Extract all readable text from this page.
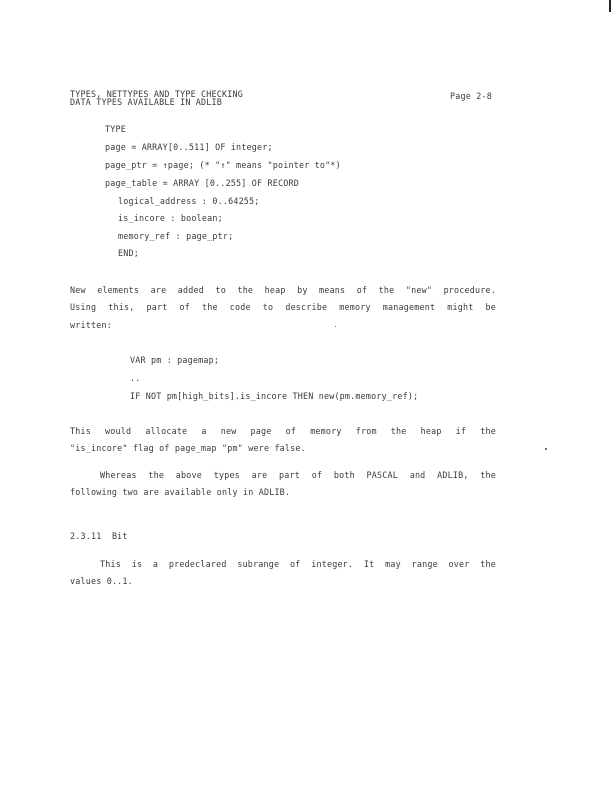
TYPES, NETTYPES AND TYPE CHECKING
DATA TYPES AVAILABLE IN ADLIB
Page 2-8
TYPE
page = ARRAY[0..511] OF integer;
page_ptr = ↑page; (* "↑" means "pointer to"*)
page_table = ARRAY [0..255] OF RECORD
logical_address : 0..64255;
is_incore : boolean;
memory_ref : page_ptr;
END;
New elements are added to the heap by means of the "new" procedure.
Using this, part of the code to describe memory management might be
written:
VAR pm : pagemap;
..
IF NOT pm[high_bits].is_incore THEN new(pm.memory_ref);
This would allocate a new page of memory from the heap if the
"is_incore" flag of page_map "pm" were false.
Whereas the above types are part of both PASCAL and ADLIB, the
following two are available only in ADLIB.
2.3.11 Bit
This is a predeclared subrange of integer. It may range over the
values 0..1.
